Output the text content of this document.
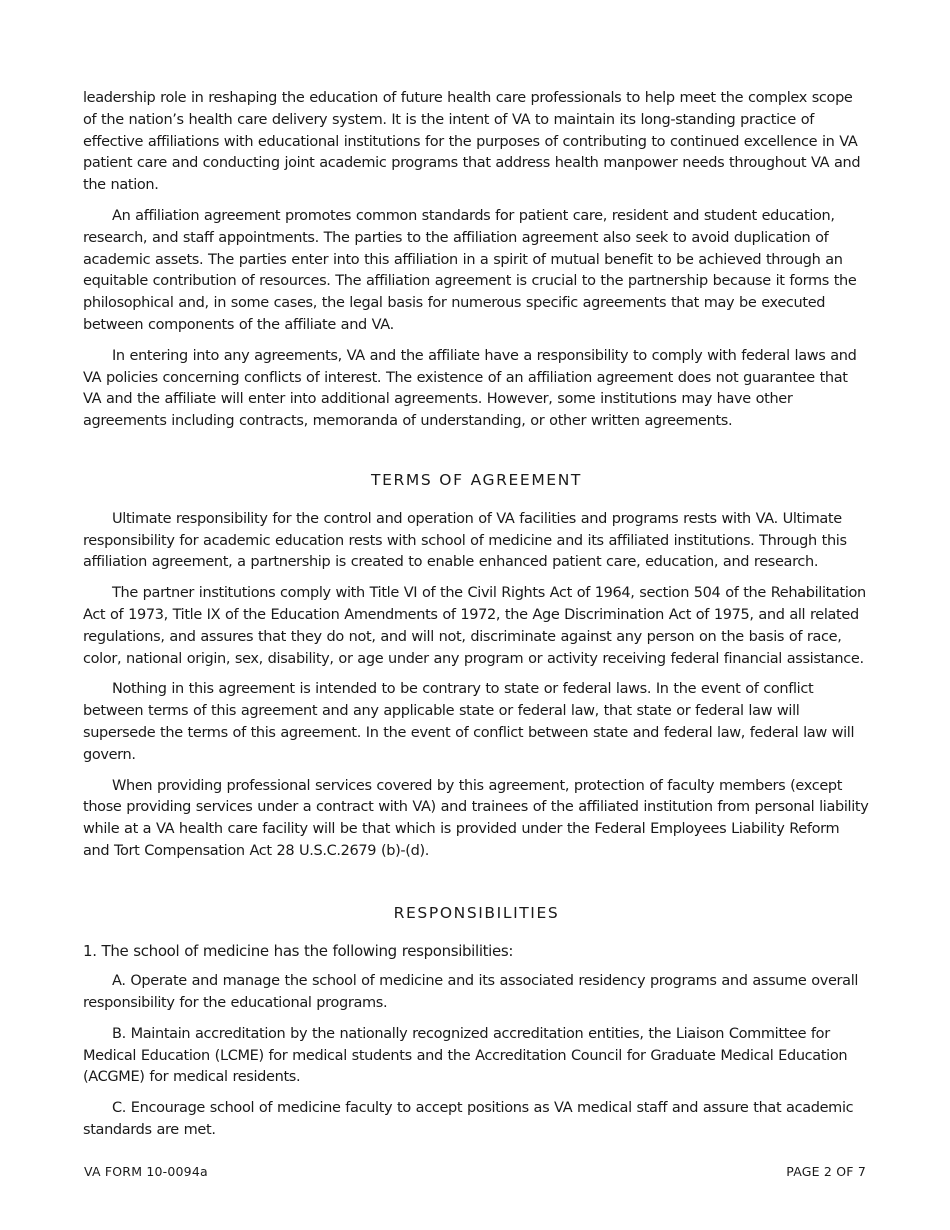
leadership role in reshaping the education of future health care professionals to help meet the complex scope of the nation’s health care delivery system. It is the intent of VA to maintain its long-standing practice of effective affiliations with educational institutions for the purposes of contributing to continued excellence in VA patient care and conducting joint academic programs that address health manpower needs throughout VA and the nation.

An affiliation agreement promotes common standards for patient care, resident and student education, research, and staff appointments. The parties to the affiliation agreement also seek to avoid duplication of academic assets. The parties enter into this affiliation in a spirit of mutual benefit to be achieved through an equitable contribution of resources. The affiliation agreement is crucial to the partnership because it forms the philosophical and, in some cases, the legal basis for numerous specific agreements that may be executed between components of the affiliate and VA.

In entering into any agreements, VA and the affiliate have a responsibility to comply with federal laws and VA policies concerning conflicts of interest. The existence of an affiliation agreement does not guarantee that VA and the affiliate will enter into additional agreements. However, some institutions may have other agreements including contracts, memoranda of understanding, or other written agreements.

TERMS OF AGREEMENT

Ultimate responsibility for the control and operation of VA facilities and programs rests with VA. Ultimate responsibility for academic education rests with school of medicine and its affiliated institutions. Through this affiliation agreement, a partnership is created to enable enhanced patient care, education, and research.

The partner institutions comply with Title VI of the Civil Rights Act of 1964, section 504 of the Rehabilitation Act of 1973, Title IX of the Education Amendments of 1972, the Age Discrimination Act of 1975, and all related regulations, and assures that they do not, and will not, discriminate against any person on the basis of race, color, national origin, sex, disability, or age under any program or activity receiving federal financial assistance.

Nothing in this agreement is intended to be contrary to state or federal laws. In the event of conflict between terms of this agreement and any applicable state or federal law, that state or federal law will supersede the terms of this agreement. In the event of conflict between state and federal law, federal law will govern.

When providing professional services covered by this agreement, protection of faculty members (except those providing services under a contract with VA) and trainees of the affiliated institution from personal liability while at a VA health care facility will be that which is provided under the Federal Employees Liability Reform and Tort Compensation Act 28 U.S.C.2679 (b)-(d).

RESPONSIBILITIES

1. The school of medicine has the following responsibilities:

A. Operate and manage the school of medicine and its associated residency programs and assume overall responsibility for the educational programs.

B. Maintain accreditation by the nationally recognized accreditation entities, the Liaison Committee for Medical Education (LCME) for medical students and the Accreditation Council for Graduate Medical Education (ACGME) for medical residents.

C. Encourage school of medicine faculty to accept positions as VA medical staff and assure that academic standards are met.

VA FORM 10-0094a	PAGE 2 OF 7
